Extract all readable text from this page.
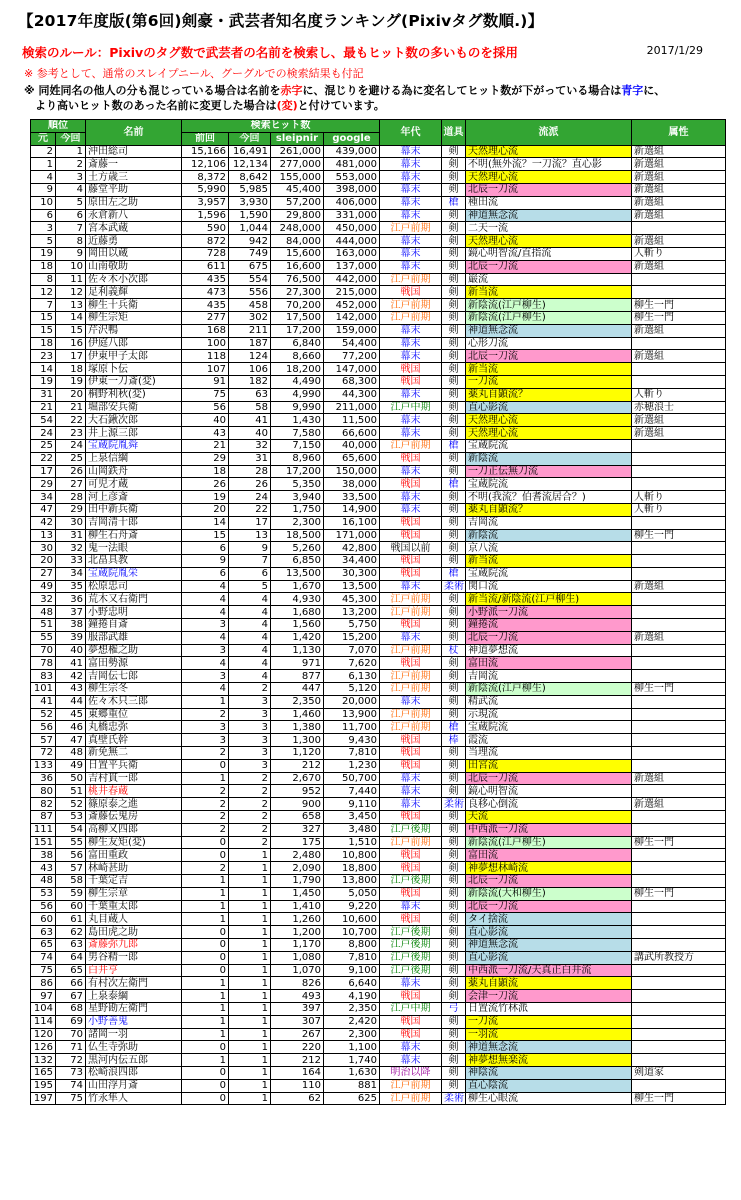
【2017年度版(第6回)剣豪・武芸者知名度ランキング(Pixivタグ数順.)】
検索のルール：Pixivのタグ数で武芸者の名前を検索し、最もヒット数の多いものを採用	2017/1/29
※ 参考として、通常のスレイプニール、グーグルでの検索結果も付記
※ 同姓同名の他人の分も混じっている場合は名前を赤字に、混じりを避ける為に変名してヒット数が下がっている場合は青字に、
　より高いヒット数のあった名前に変更した場合は(変)と付けています。
順位		名前	検索ヒット数				年代	道具	流派	属性
元	今回		前回	今回	sleipnir	google				
2	1	沖田総司	15,166	16,491	261,000	439,000	幕末	剣	天然理心流	新選組
1	2	斎藤一	12,106	12,134	277,000	481,000	幕末	剣	不明(無外流？一刀流？直心影	新選組
4	3	土方歳三	8,372	8,642	155,000	553,000	幕末	剣	天然理心流	新選組
9	4	藤堂平助	5,990	5,985	45,400	398,000	幕末	剣	北辰一刀流	新選組
10	5	原田左之助	3,957	3,930	57,200	406,000	幕末	槍	種田流	新選組
6	6	永倉新八	1,596	1,590	29,800	331,000	幕末	剣	神道無念流	新選組
3	7	宮本武蔵	590	1,044	248,000	450,000	江戸前期	剣	二天一流	
5	8	近藤勇	872	942	84,000	444,000	幕末	剣	天然理心流	新選組
19	9	岡田以蔵	728	749	15,600	163,000	幕末	剣	鏡心明智流/直指流	人斬り
18	10	山南敬助	611	675	16,600	137,000	幕末	剣	北辰一刀流	新選組
8	11	佐々木小次郎	435	554	76,500	442,000	江戸前期	剣	巌流	
12	12	足利義輝	473	556	27,300	215,000	戦国	剣	新当流	
7	13	柳生十兵衛	435	458	70,200	452,000	江戸前期	剣	新陰流(江戸柳生)	柳生一門
15	14	柳生宗矩	277	302	17,500	142,000	江戸前期	剣	新陰流(江戸柳生)	柳生一門
15	15	芹沢鴨	168	211	17,200	159,000	幕末	剣	神道無念流	新選組
18	16	伊庭八郎	100	187	6,840	54,400	幕末	剣	心形刀流	
23	17	伊東甲子太郎	118	124	8,660	77,200	幕末	剣	北辰一刀流	新選組
14	18	塚原卜伝	107	106	18,200	147,000	戦国	剣	新当流	
19	19	伊東一刀斎(変)	91	182	4,490	68,300	戦国	剣	一刀流	
31	20	桐野利秋(変)	75	63	4,990	44,300	幕末	剣	薬丸自顕流？	人斬り
21	21	堀部安兵衛	56	58	9,990	211,000	江戸中期	剣	直心影流	赤穂浪士
54	22	大石鍬次郎	40	41	1,430	11,500	幕末	剣	天然理心流	新選組
24	23	井上源三郎	43	40	7,580	66,600	幕末	剣	天然理心流	新選組
25	24	宝蔵院胤舜	21	32	7,150	40,000	江戸前期	槍	宝蔵院流	
22	25	上泉信綱	29	31	8,960	65,600	戦国	剣	新陰流	
17	26	山岡鉄舟	18	28	17,200	150,000	幕末	剣	一刀正伝無刀流	
29	27	可児才蔵	26	26	5,350	38,000	戦国	槍	宝蔵院流	
34	28	河上彦斎	19	24	3,940	33,500	幕末	剣	不明(我流？伯耆流居合？)	人斬り
47	29	田中新兵衛	20	22	1,750	14,900	幕末	剣	薬丸自顕流？	人斬り
42	30	吉岡清十郎	14	17	2,300	16,100	戦国	剣	吉岡流	
13	31	柳生石舟斎	15	13	18,500	171,000	戦国	剣	新陰流	柳生一門
30	32	鬼一法眼	6	9	5,260	42,800	戦国以前	剣	京八流	
20	33	北畠具教	9	7	6,850	34,400	戦国	剣	新当流	
27	34	宝蔵院胤栄	6	6	13,500	30,300	戦国	槍	宝蔵院流	
49	35	松原忠司	4	5	1,670	13,500	幕末	柔術	関口流	新選組
32	36	荒木又右衛門	4	4	4,930	45,300	江戸前期	剣	新当流/新陰流(江戸柳生)	
48	37	小野忠明	4	4	1,680	13,200	江戸前期	剣	小野派一刀流	
51	38	鐘捲自斎	3	4	1,560	5,750	戦国	剣	鐘捲流	
55	39	服部武雄	4	4	1,420	15,200	幕末	剣	北辰一刀流	新選組
70	40	夢想権之助	3	4	1,130	7,070	江戸前期	杖	神道夢想流	
78	41	富田勢源	4	4	971	7,620	戦国	剣	富田流	
83	42	吉岡伝七郎	3	4	877	6,130	江戸前期	剣	吉岡流	
101	43	柳生宗冬	4	2	447	5,120	江戸前期	剣	新陰流(江戸柳生)	柳生一門
41	44	佐々木只三郎	1	3	2,350	20,000	幕末	剣	精武流	
52	45	東郷重位	2	3	1,460	13,900	江戸前期	剣	示現流	
56	46	丸橋忠弥	3	3	1,380	11,700	江戸前期	槍	宝蔵院流	
57	47	真壁氏幹	3	3	1,300	9,430	戦国	棒	霞流	
72	48	新免無二	2	3	1,120	7,810	戦国	剣	当理流	
133	49	日置平兵衛	0	3	212	1,230	戦国	剣	田宮流	
36	50	吉村貫一郎	1	2	2,670	50,700	幕末	剣	北辰一刀流	新選組
80	51	桃井春蔵	2	2	952	7,440	幕末	剣	鏡心明智流	
82	52	篠原泰之進	2	2	900	9,110	幕末	柔術	良移心倒流	新選組
87	53	斎藤伝鬼房	2	2	658	3,450	戦国	剣	天流	
111	54	高柳又四郎	2	2	327	3,480	江戸後期	剣	中西派一刀流	
151	55	柳生友矩(変)	0	2	175	1,510	江戸前期	剣	新陰流(江戸柳生)	柳生一門
38	56	富田重政	0	1	2,480	10,800	戦国	剣	富田流	
43	57	林崎甚助	2	1	2,090	18,800	戦国	剣	神夢想林崎流	
48	58	千葉定吉	1	1	1,790	13,800	江戸後期	剣	北辰一刀流	
53	59	柳生宗章	1	1	1,450	5,050	戦国	剣	新陰流(大和柳生)	柳生一門
56	60	千葉重太郎	1	1	1,410	9,220	幕末	剣	北辰一刀流	
60	61	丸目蔵人	1	1	1,260	10,600	戦国	剣	タイ捨流	
63	62	島田虎之助	0	1	1,200	10,700	江戸後期	剣	直心影流	
65	63	斎藤弥九郎	0	1	1,170	8,800	江戸後期	剣	神道無念流	
74	64	男谷精一郎	0	1	1,080	7,810	江戸後期	剣	直心影流	講武所教授方
75	65	白井亨	0	1	1,070	9,100	江戸後期	剣	中西派一刀流/天真正白井流	
86	66	有村次左衛門	1	1	826	6,640	幕末	剣	薬丸自顕流	
97	67	上泉泰綱	1	1	493	4,190	戦国	剣	会津一刀流	
104	68	星野勘左衛門	1	1	397	2,350	江戸中期	弓	日置流竹林派	
114	69	小野善鬼	1	1	307	2,420	戦国	剣	一刀流	
120	70	諸岡一羽	1	1	267	2,300	戦国	剣	一羽流	
126	71	仏生寺弥助	0	1	220	1,100	幕末	剣	神道無念流	
132	72	黒河内伝五郎	1	1	212	1,740	幕末	剣	神夢想無楽流	
165	73	松崎浪四郎	0	1	164	1,630	明治以降	剣	神陰流	剣道家
195	74	山田浮月斎	0	1	110	881	江戸前期	剣	直心陰流	
197	75	竹永隼人	0	1	62	625	江戸前期	柔術	柳生心眼流	柳生一門
